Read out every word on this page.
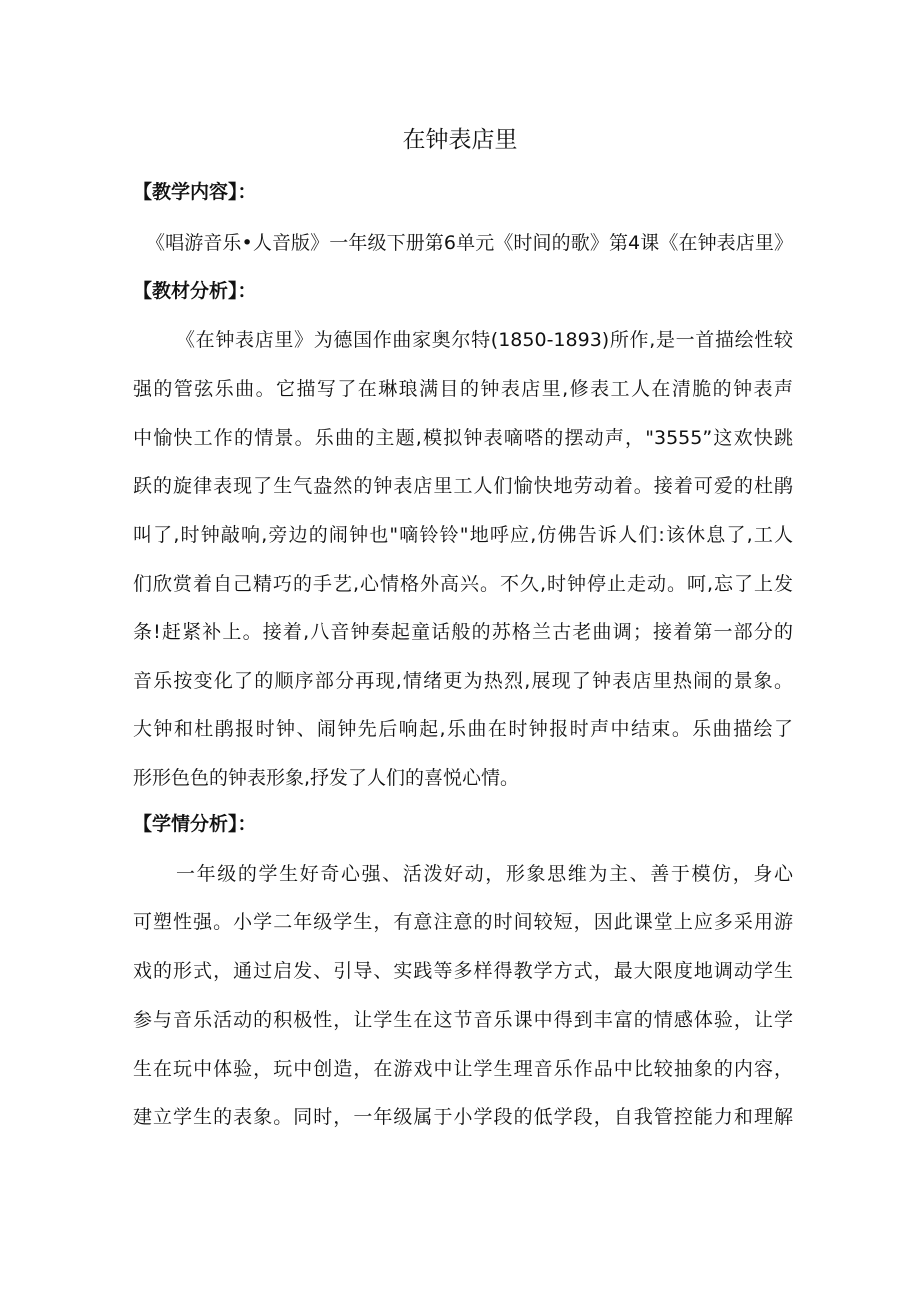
在钟表店里
【教学内容】：

《唱游音乐•人音版》一年级下册第6单元《时间的歌》第4课《在钟表店里》

【教材分析】：

《在钟表店里》为德国作曲家奥尔特(1850-1893)所作,是一首描绘性较

强的管弦乐曲。它描写了在琳琅满目的钟表店里,修表工人在清脆的钟表声

中愉快工作的情景。乐曲的主题,模拟钟表嘀嗒的摆动声，"3555”这欢快跳

跃的旋律表现了生气盎然的钟表店里工人们愉快地劳动着。接着可爱的杜鹃

叫了,时钟敲响,旁边的闹钟也"嘀铃铃"地呼应,仿佛告诉人们:该休息了,工人

们欣赏着自己精巧的手艺,心情格外高兴。不久,时钟停止走动。呵,忘了上发

条!赶紧补上。接着,八音钟奏起童话般的苏格兰古老曲调；接着第一部分的

音乐按变化了的顺序部分再现,情绪更为热烈,展现了钟表店里热闹的景象。

大钟和杜鹃报时钟、闹钟先后响起,乐曲在时钟报时声中结束。乐曲描绘了

形形色色的钟表形象,抒发了人们的喜悦心情。

【学情分析】：

一年级的学生好奇心强、活泼好动，形象思维为主、善于模仿，身心

可塑性强。小学二年级学生，有意注意的时间较短，因此课堂上应多采用游

戏的形式，通过启发、引导、实践等多样得教学方式，最大限度地调动学生

参与音乐活动的积极性，让学生在这节音乐课中得到丰富的情感体验，让学

生在玩中体验，玩中创造，在游戏中让学生理音乐作品中比较抽象的内容，

建立学生的表象。同时，一年级属于小学段的低学段，自我管控能力和理解
